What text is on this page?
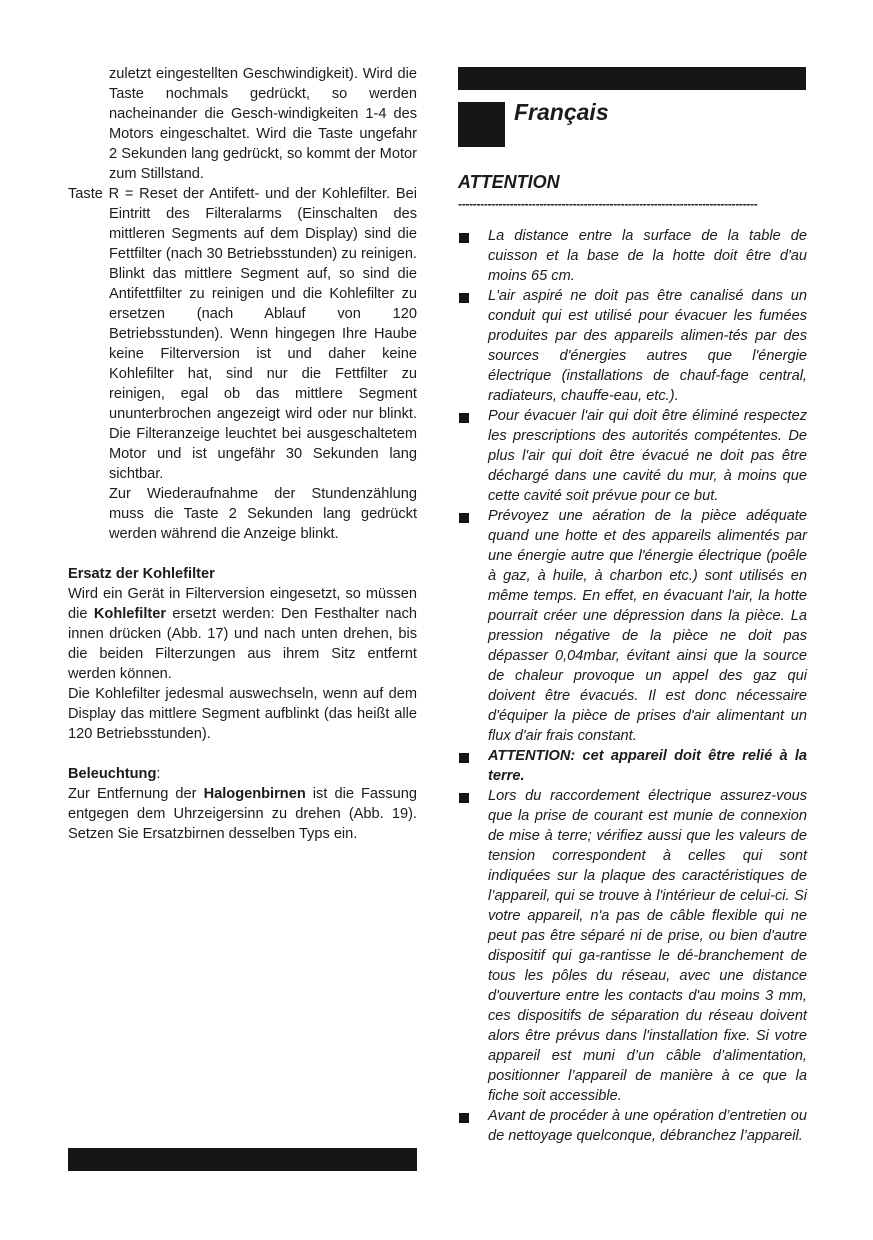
zuletzt eingestellten Geschwindigkeit). Wird die Taste nochmals gedrückt, so werden nacheinander die Gesch-windigkeiten 1-4 des Motors eingeschaltet. Wird die Taste ungefahr 2 Sekunden lang gedrückt, so kommt der Motor zum Stillstand.
Taste R = Reset der Antifett- und der Kohlefilter. Bei Eintritt des Filteralarms (Einschalten des mittleren Segments auf dem Display) sind die Fettfilter (nach 30 Betriebsstunden) zu reinigen. Blinkt das mittlere Segment auf, so sind die Antifettfilter zu reinigen und die Kohlefilter zu ersetzen (nach Ablauf von 120 Betriebsstunden). Wenn hingegen Ihre Haube keine Filterversion ist und daher keine Kohlefilter hat, sind nur die Fettfilter zu reinigen, egal ob das mittlere Segment ununterbrochen angezeigt wird oder nur blinkt. Die Filteranzeige leuchtet bei ausgeschaltetem Motor und ist ungefähr 30 Sekunden lang sichtbar.
Zur Wiederaufnahme der Stundenzählung muss die Taste 2 Sekunden lang gedrückt werden während die Anzeige blinkt.
Ersatz der Kohlefilter
Wird ein Gerät in Filterversion eingesetzt, so müssen die Kohlefilter ersetzt werden: Den Festhalter nach innen drücken (Abb. 17) und nach unten drehen, bis die beiden Filterzungen aus ihrem Sitz entfernt werden können.
Die Kohlefilter jedesmal auswechseln, wenn auf dem Display das mittlere Segment aufblinkt (das heißt alle 120 Betriebsstunden).
Beleuchtung:
Zur Entfernung der Halogenbirnen ist die Fassung entgegen dem Uhrzeigersinn zu drehen (Abb. 19). Setzen Sie Ersatzbirnen desselben Typs ein.
Français
ATTENTION
---------------------------------------------------------------------------------
La distance entre la surface de la table de cuisson et la base de la hotte doit être d'au moins 65 cm.
L'air aspiré ne doit pas être canalisé dans un conduit qui est utilisé pour évacuer les fumées produites par des appareils alimen-tés par des sources d'énergies autres que l'énergie électrique (installations de chauf-fage central, radiateurs, chauffe-eau, etc.).
Pour évacuer l'air qui doit être éliminé respectez les prescriptions des autorités compétentes. De plus l'air qui doit être évacué ne doit pas être déchargé dans une cavité du mur, à moins que cette cavité soit prévue pour ce but.
Prévoyez une aération de la pièce adéquate quand une hotte et des appareils alimentés par une énergie autre que l'énergie électrique (poêle à gaz, à huile, à charbon etc.) sont utilisés en même temps. En effet, en évacuant l'air, la hotte pourrait créer une dépression dans la pièce. La pression négative de la pièce ne doit pas dépasser 0,04mbar, évitant ainsi que la source de chaleur provoque un appel des gaz qui doivent être évacués. Il est donc nécessaire d'équiper la pièce de prises d'air alimentant un flux d'air frais constant.
ATTENTION: cet appareil doit être relié à la terre.
Lors du raccordement électrique assurez-vous que la prise de courant est munie de connexion de mise à terre; vérifiez aussi que les valeurs de tension correspondent à celles qui sont indiquées sur la plaque des caractéristiques de l’appareil, qui se trouve à l'intérieur de celui-ci. Si votre appareil, n'a pas de câble flexible qui ne peut pas être séparé ni de prise, ou bien d'autre dispositif qui ga-rantisse le dé-branchement de tous les pôles du réseau, avec une distance d'ouverture entre les contacts d'au moins 3 mm, ces dispositifs de séparation du réseau doivent alors être prévus dans l'installation fixe. Si votre appareil est muni d’un câble d’alimentation, positionner l’appareil de manière à ce que la fiche soit accessible.
Avant de procéder à une opération d’entretien ou de nettoyage quelconque, débranchez l’appareil.
